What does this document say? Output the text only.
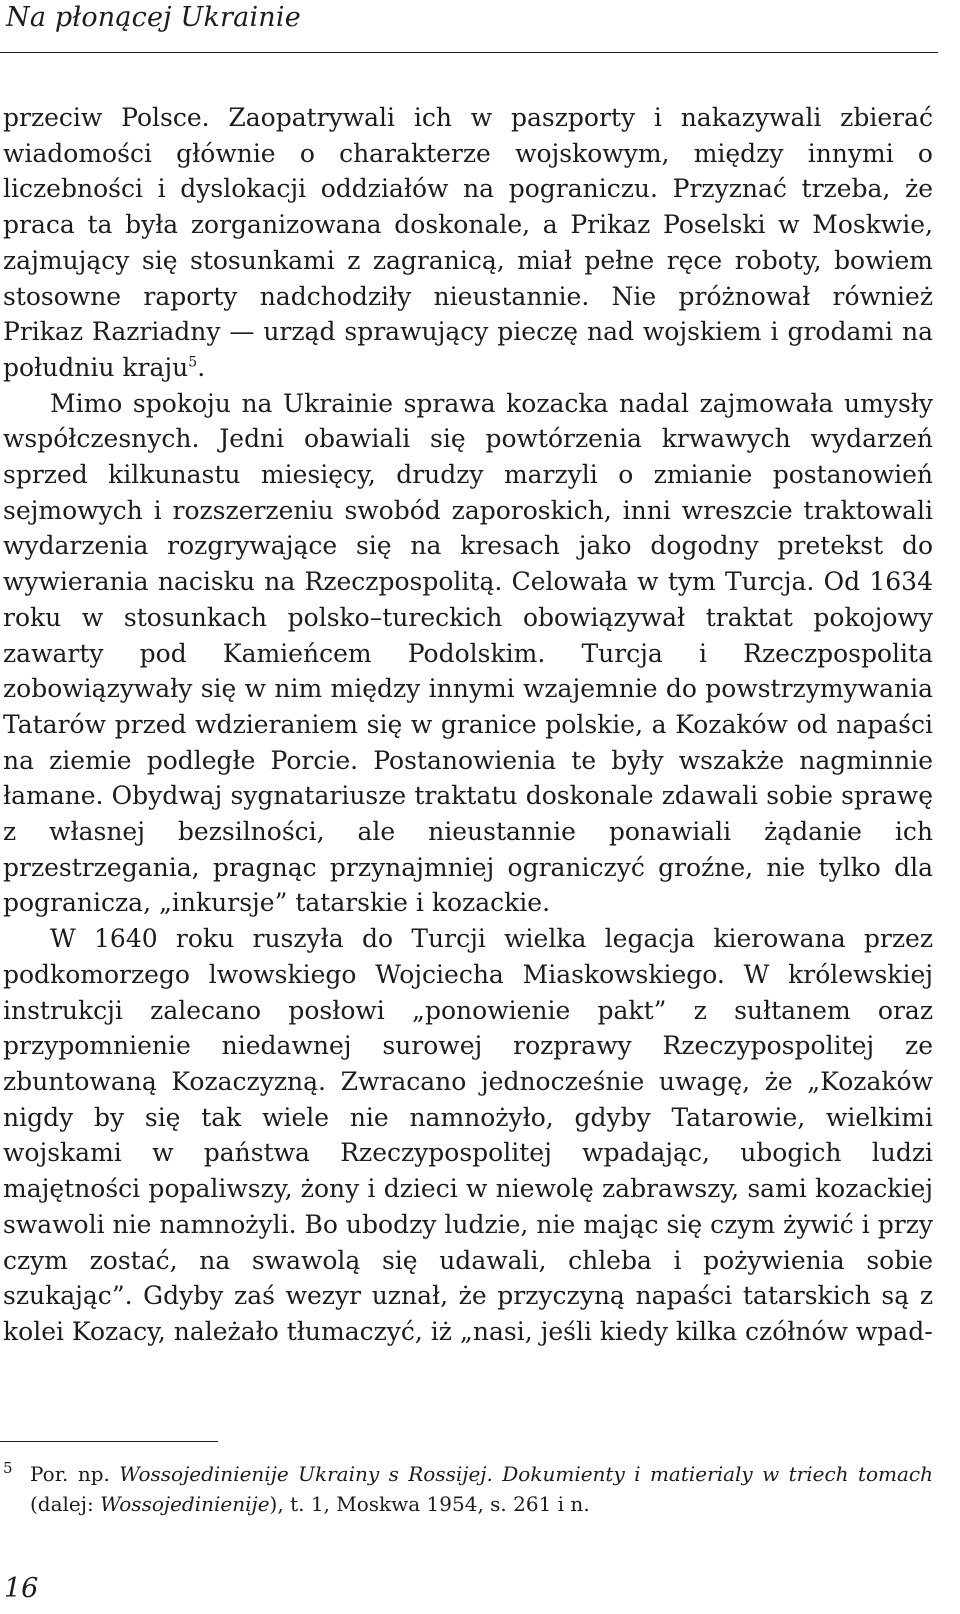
Na płonącej Ukrainie

przeciw Polsce. Zaopatrywali ich w paszporty i nakazywali zbierać wiadomości głównie o charakterze wojskowym, między innymi o liczebności i dyslokacji oddziałów na pograniczu. Przyznać trzeba, że praca ta była zorganizowana doskonale, a Prikaz Poselski w Moskwie, zajmujący się stosunkami z zagranicą, miał pełne ręce roboty, bowiem stosowne raporty nadchodziły nieustannie. Nie próżnował również Prikaz Razriadny — urząd sprawujący pieczę nad wojskiem i grodami na południu kraju$^5$.

Mimo spokoju na Ukrainie sprawa kozacka nadal zajmowała umysły współczesnych. Jedni obawiali się powtórzenia krwawych wydarzeń sprzed kilkunastu miesięcy, drudzy marzyli o zmianie postanowień sejmowych i rozszerzeniu swobód zaporoskich, inni wreszcie traktowali wydarzenia rozgrywające się na kresach jako dogodny pretekst do wywierania nacisku na Rzeczpospolitą. Celowała w tym Turcja. Od 1634 roku w stosunkach polsko–tureckich obowiązywał traktat pokojowy zawarty pod Kamieńcem Podolskim. Turcja i Rzeczpospolita zobowiązywały się w nim między innymi wzajemnie do powstrzymywania Tatarów przed wdzieraniem się w granice polskie, a Kozaków od napaści na ziemie podległe Porcie. Postanowienia te były wszakże nagminnie łamane. Obydwaj sygnatariusze traktatu doskonale zdawali sobie sprawę z własnej bezsilności, ale nieustannie ponawiali żądanie ich przestrzegania, pragnąc przynajmniej ograniczyć groźne, nie tylko dla pogranicza, „inkursje” tatarskie i kozackie.

W 1640 roku ruszyła do Turcji wielka legacja kierowana przez podkomorzego lwowskiego Wojciecha Miaskowskiego. W królewskiej instrukcji zalecano posłowi „ponowienie pakt” z sułtanem oraz przypomnienie niedawnej surowej rozprawy Rzeczypospolitej ze zbuntowaną Kozaczyzną. Zwracano jednocześnie uwagę, że „Kozaków nigdy by się tak wiele nie namnożyło, gdyby Tatarowie, wielkimi wojskami w państwa Rzeczypospolitej wpadając, ubogich ludzi majętności popaliwszy, żony i dzieci w niewolę zabrawszy, sami kozackiej swawoli nie namnożyli. Bo ubodzy ludzie, nie mając się czym żywić i przy czym zostać, na swawolą się udawali, chleba i pożywienia sobie szukając”. Gdyby zaś wezyr uznał, że przyczyną napaści tatarskich są z kolei Kozacy, należało tłumaczyć, iż „nasi, jeśli kiedy kilka czółnów wpad-

5 Por. np. Wossojedinienije Ukrainy s Rossijej. Dokumienty i matierialy w triech tomach (dalej: Wossojedinienije), t. 1, Moskwa 1954, s. 261 i n.
16
